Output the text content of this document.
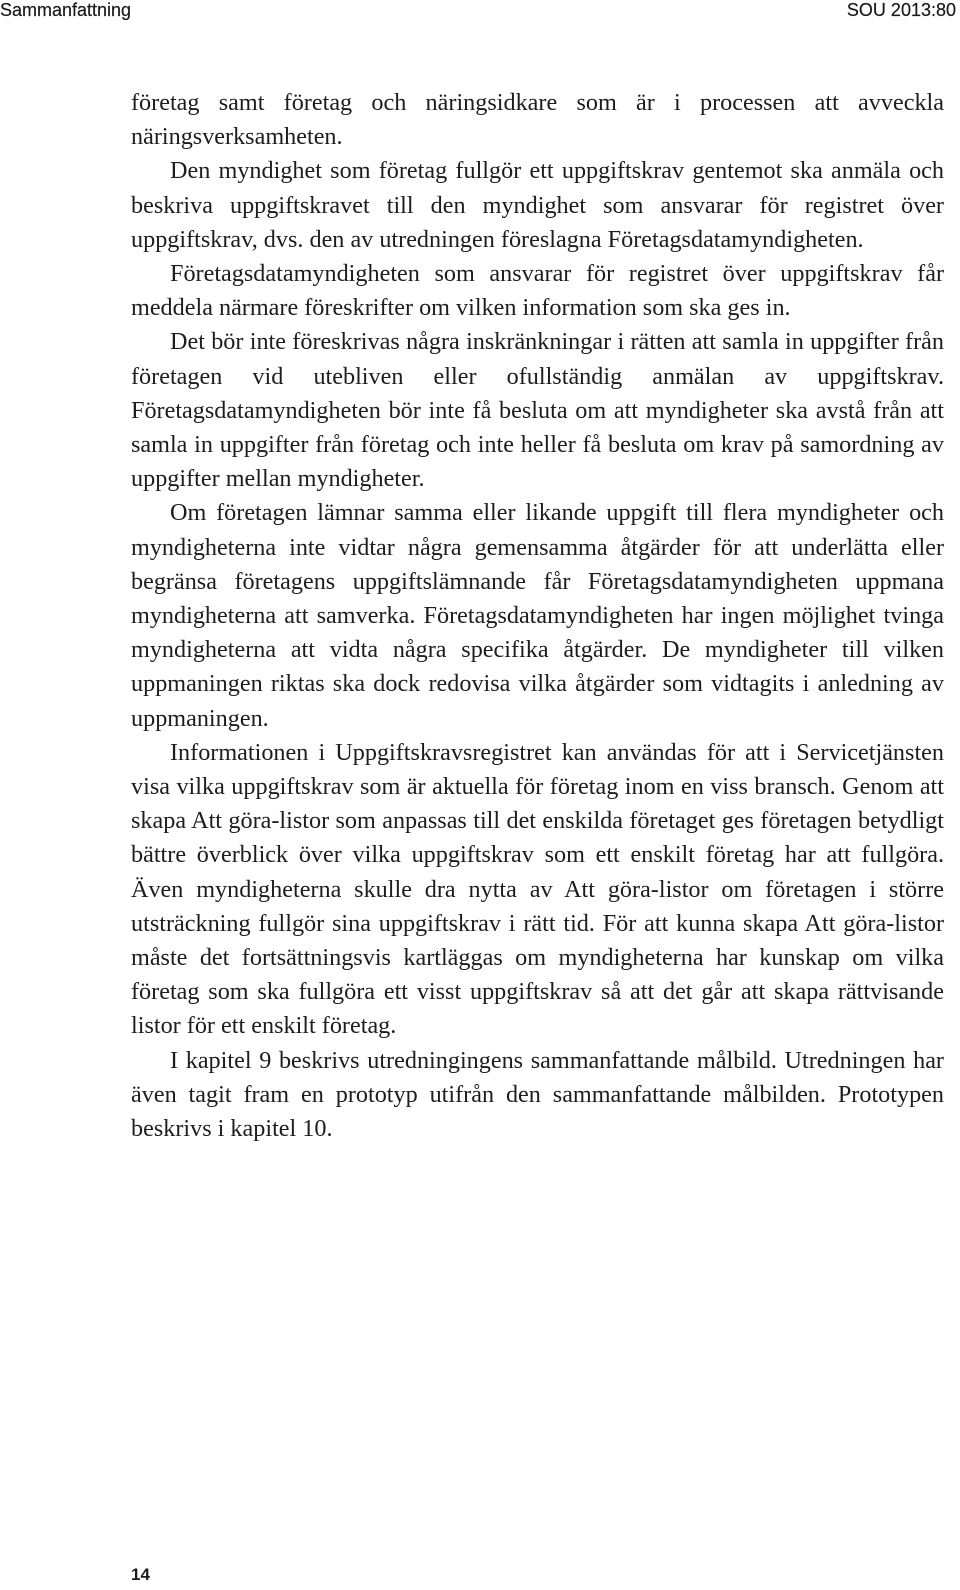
Sammanfattning	SOU 2013:80

företag samt företag och näringsidkare som är i processen att avveckla näringsverksamheten.

Den myndighet som företag fullgör ett uppgiftskrav gentemot ska anmäla och beskriva uppgiftskravet till den myndighet som ansvarar för registret över uppgiftskrav, dvs. den av utredningen föreslagna Företagsdatamyndigheten.

Företagsdatamyndigheten som ansvarar för registret över uppgiftskrav får meddela närmare föreskrifter om vilken information som ska ges in.

Det bör inte föreskrivas några inskränkningar i rätten att samla in uppgifter från företagen vid utebliven eller ofullständig anmälan av uppgiftskrav. Företagsdatamyndigheten bör inte få besluta om att myndigheter ska avstå från att samla in uppgifter från företag och inte heller få besluta om krav på samordning av uppgifter mellan myndigheter.

Om företagen lämnar samma eller likande uppgift till flera myndigheter och myndigheterna inte vidtar några gemensamma åtgärder för att underlätta eller begränsa företagens uppgiftslämnande får Företagsdatamyndigheten uppmana myndigheterna att samverka. Företagsdatamyndigheten har ingen möjlighet tvinga myndigheterna att vidta några specifika åtgärder. De myndigheter till vilken uppmaningen riktas ska dock redovisa vilka åtgärder som vidtagits i anledning av uppmaningen.

Informationen i Uppgiftskravsregistret kan användas för att i Servicetjänsten visa vilka uppgiftskrav som är aktuella för företag inom en viss bransch. Genom att skapa Att göra-listor som anpassas till det enskilda företaget ges företagen betydligt bättre överblick över vilka uppgiftskrav som ett enskilt företag har att fullgöra. Även myndigheterna skulle dra nytta av Att göra-listor om företagen i större utsträckning fullgör sina uppgiftskrav i rätt tid. För att kunna skapa Att göra-listor måste det fortsättningsvis kartläggas om myndigheterna har kunskap om vilka företag som ska fullgöra ett visst uppgiftskrav så att det går att skapa rättvisande listor för ett enskilt företag.

I kapitel 9 beskrivs utredningingens sammanfattande målbild. Utredningen har även tagit fram en prototyp utifrån den sammanfattande målbilden. Prototypen beskrivs i kapitel 10.

14
